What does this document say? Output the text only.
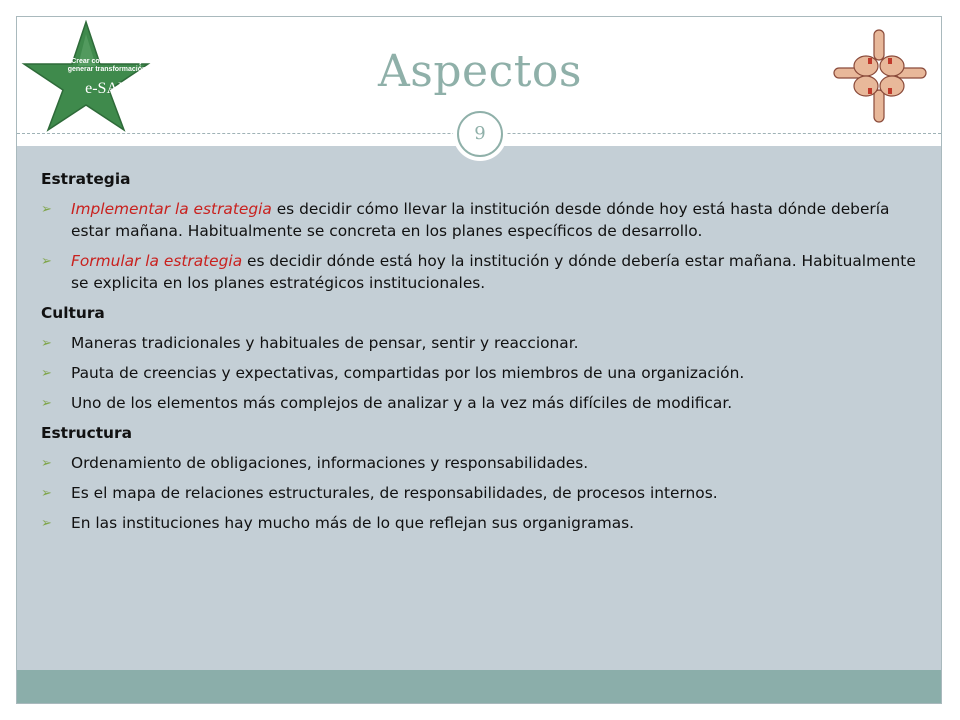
Aspectos
9
Crear conocimiento y generar transformación
e-SAP
Estrategia
➢ Implementar la estrategia es decidir cómo llevar la institución desde dónde hoy está hasta dónde debería estar mañana. Habitualmente se concreta en los planes específicos de desarrollo.
➢ Formular la estrategia es decidir dónde está hoy la institución y dónde debería estar mañana. Habitualmente se explicita en los planes estratégicos institucionales.
Cultura
➢ Maneras tradicionales y habituales de pensar, sentir y reaccionar.
➢ Pauta de creencias y expectativas, compartidas por los miembros de una organización.
➢ Uno de los elementos más complejos de analizar y a la vez más difíciles de modificar.
Estructura
➢ Ordenamiento de obligaciones, informaciones y responsabilidades.
➢ Es el mapa de relaciones estructurales, de responsabilidades, de procesos internos.
➢ En las instituciones hay mucho más de lo que reflejan sus organigramas.
